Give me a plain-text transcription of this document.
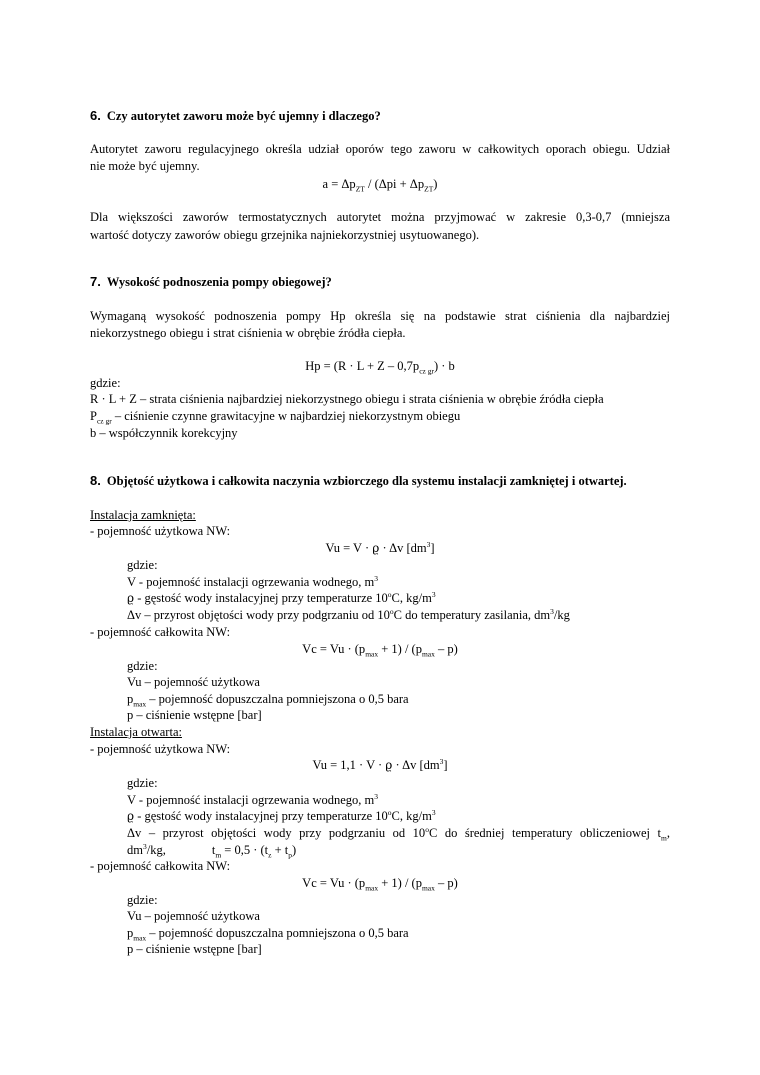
6. Czy autorytet zaworu może być ujemny i dlaczego?
Autorytet zaworu regulacyjnego określa udział oporów tego zaworu w całkowitych oporach obiegu. Udział
nie może być ujemny.
$a = \Delta p_{ZT} / (\Delta pi + \Delta p_{ZT})$
Dla większości zaworów termostatycznych autorytet można przyjmować w zakresie 0,3-0,7 (mniejsza
wartość dotyczy zaworów obiegu grzejnika najniekorzystniej usytuowanego).
7. Wysokość podnoszenia pompy obiegowej?
Wymaganą wysokość podnoszenia pompy Hp określa się na podstawie strat ciśnienia dla najbardziej
niekorzystnego obiegu i strat ciśnienia w obrębie źródła ciepła.
$Hp = (R \cdot L + Z - 0,7p_{cz gr}) \cdot b$
gdzie:
R · L + Z – strata ciśnienia najbardziej niekorzystnego obiegu i strata ciśnienia w obrębie źródła ciepła
$P_{cz gr}$ – ciśnienie czynne grawitacyjne w najbardziej niekorzystnym obiegu
b – współczynnik korekcyjny
8. Objętość użytkowa i całkowita naczynia wzbiorczego dla systemu instalacji zamkniętej i otwartej.
Instalacja zamknięta:
- pojemność użytkowa NW:
Vu = V · ϱ · Δv $[dm^3]$
gdzie:
V - pojemność instalacji ogrzewania wodnego, $m^3$
ϱ - gęstość wody instalacyjnej przy temperaturze 10$^o$C, $kg/m^3$
Δv – przyrost objętości wody przy podgrzaniu od 10$^o$C do temperatury zasilania, $dm^3/kg$
- pojemność całkowita NW:
$Vc = Vu \cdot (p_{max} + 1) / (p_{max} - p)$
gdzie:
Vu – pojemność użytkowa
$p_{max}$ – pojemność dopuszczalna pomniejszona o 0,5 bara
p – ciśnienie wstępne [bar]
Instalacja otwarta:
- pojemność użytkowa NW:
Vu = 1,1 · V · ϱ · Δv $[dm^3]$
gdzie:
V - pojemność instalacji ogrzewania wodnego, $m^3$
ϱ - gęstość wody instalacyjnej przy temperaturze 10$^o$C, $kg/m^3$
Δv – przyrost objętości wody przy podgrzaniu od 10$^o$C do średniej temperatury obliczeniowej $t_m$,
$dm^3/kg$,	$t_m = 0,5 \cdot (t_z + t_p)$
- pojemność całkowita NW:
$Vc = Vu \cdot (p_{max} + 1) / (p_{max} - p)$
gdzie:
Vu – pojemność użytkowa
$p_{max}$ – pojemność dopuszczalna pomniejszona o 0,5 bara
p – ciśnienie wstępne [bar]
